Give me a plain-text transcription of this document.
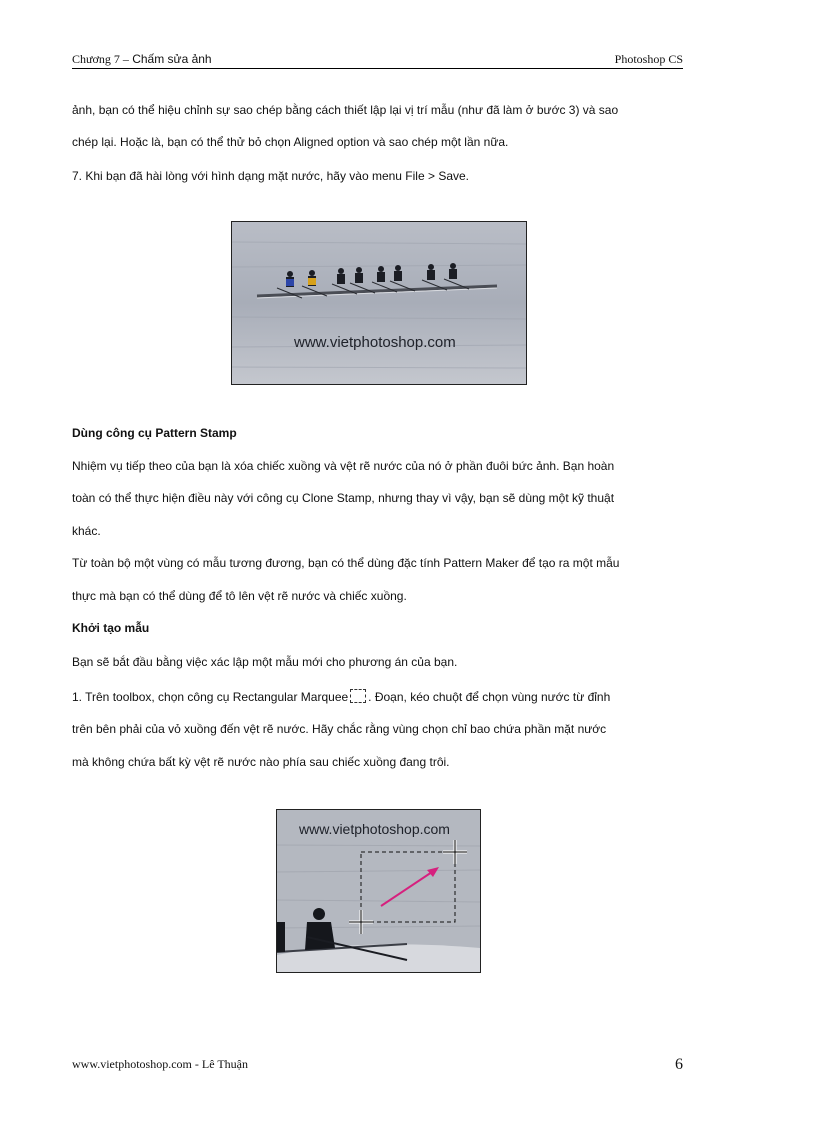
Chương 7 – Chấm sửa ảnh	Photoshop CS
ảnh, bạn có thể hiệu chỉnh sự sao chép bằng cách thiết lập lại vị trí mẫu (như đã làm ở bước 3) và sao
chép lại. Hoặc là, bạn có thể thử bỏ chọn Aligned option và sao chép một lần nữa.
7. Khi bạn đã hài lòng với hình dạng mặt nước, hãy vào menu File > Save.
www.vietphotoshop.com
Dùng công cụ Pattern Stamp
Nhiệm vụ tiếp theo của bạn là xóa chiếc xuồng và vệt rẽ nước của nó ở phần đuôi bức ảnh. Bạn hoàn
toàn có thể thực hiện điều này với công cụ Clone Stamp, nhưng thay vì vậy, bạn sẽ dùng một kỹ thuật
khác.
Từ toàn bộ một vùng có mẫu tương đương, bạn có thể dùng đặc tính Pattern Maker để tạo ra một mẫu
thực mà bạn có thể dùng để tô lên vệt rẽ nước và chiếc xuồng.
Khởi tạo mẫu
Bạn sẽ bắt đầu bằng việc xác lập một mẫu mới cho phương án của bạn.
1. Trên toolbox, chọn công cụ Rectangular Marquee . Đoạn, kéo chuột để chọn vùng nước từ đỉnh
trên bên phải của vỏ xuồng đến vệt rẽ nước. Hãy chắc rằng vùng chọn chỉ bao chứa phần mặt nước
mà không chứa bất kỳ vệt rẽ nước nào phía sau chiếc xuồng đang trôi.
www.vietphotoshop.com
www.vietphotoshop.com - Lê Thuận	6
